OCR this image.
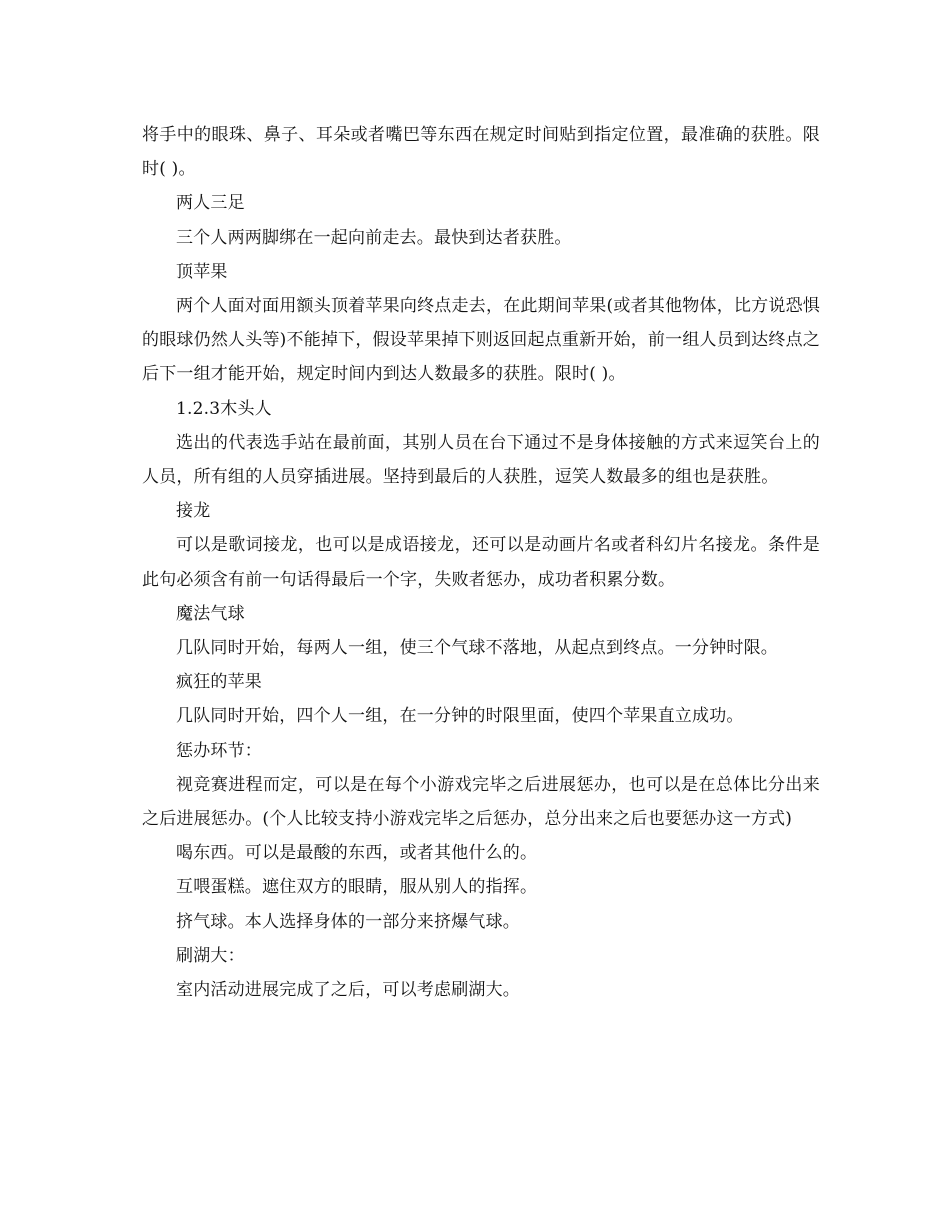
将手中的眼珠、鼻子、耳朵或者嘴巴等东西在规定时间贴到指定位置，最准确的获胜。限时( )。

两人三足

三个人两两脚绑在一起向前走去。最快到达者获胜。

顶苹果

两个人面对面用额头顶着苹果向终点走去，在此期间苹果(或者其他物体，比方说恐惧的眼球仍然人头等)不能掉下，假设苹果掉下则返回起点重新开始，前一组人员到达终点之后下一组才能开始，规定时间内到达人数最多的获胜。限时( )。

1.2.3木头人

选出的代表选手站在最前面，其别人员在台下通过不是身体接触的方式来逗笑台上的人员，所有组的人员穿插进展。坚持到最后的人获胜，逗笑人数最多的组也是获胜。

接龙

可以是歌词接龙，也可以是成语接龙，还可以是动画片名或者科幻片名接龙。条件是此句必须含有前一句话得最后一个字，失败者惩办，成功者积累分数。

魔法气球

几队同时开始，每两人一组，使三个气球不落地，从起点到终点。一分钟时限。

疯狂的苹果

几队同时开始，四个人一组，在一分钟的时限里面，使四个苹果直立成功。

惩办环节：

视竞赛进程而定，可以是在每个小游戏完毕之后进展惩办，也可以是在总体比分出来之后进展惩办。(个人比较支持小游戏完毕之后惩办，总分出来之后也要惩办这一方式)

喝东西。可以是最酸的东西，或者其他什么的。

互喂蛋糕。遮住双方的眼睛，服从别人的指挥。

挤气球。本人选择身体的一部分来挤爆气球。

刷湖大：

室内活动进展完成了之后，可以考虑刷湖大。
